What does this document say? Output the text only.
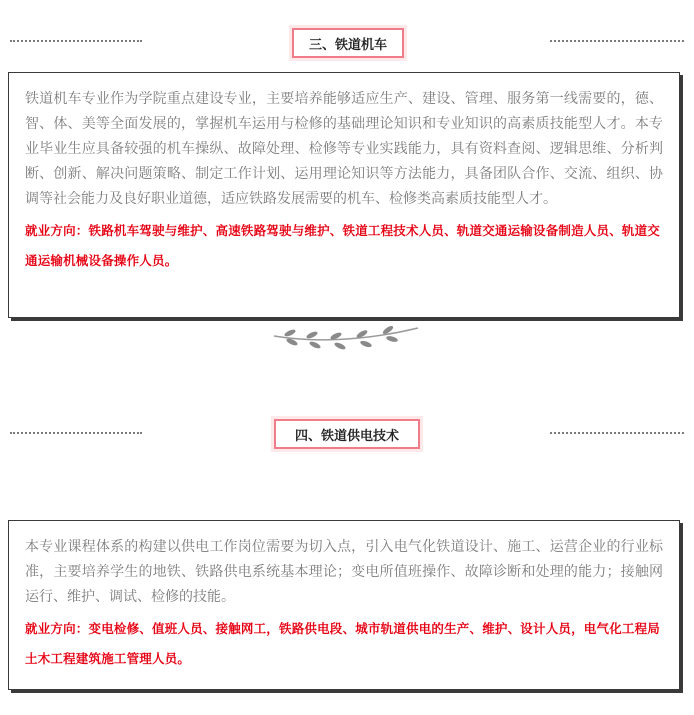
三、铁道机车

铁道机车专业作为学院重点建设专业，主要培养能够适应生产、建设、管理、服务第一线需要的，德、智、体、美等全面发展的，掌握机车运用与检修的基础理论知识和专业知识的高素质技能型人才。本专业毕业生应具备较强的机车操纵、故障处理、检修等专业实践能力，具有资料查阅、逻辑思维、分析判断、创新、解决问题策略、制定工作计划、运用理论知识等方法能力，具备团队合作、交流、组织、协调等社会能力及良好职业道德，适应铁路发展需要的机车、检修类高素质技能型人才。

就业方向：铁路机车驾驶与维护、高速铁路驾驶与维护、铁道工程技术人员、轨道交通运输设备制造人员、轨道交通运输机械设备操作人员。

四、铁道供电技术

本专业课程体系的构建以供电工作岗位需要为切入点，引入电气化铁道设计、施工、运营企业的行业标准，主要培养学生的地铁、铁路供电系统基本理论；变电所值班操作、故障诊断和处理的能力；接触网运行、维护、调试、检修的技能。

就业方向：变电检修、值班人员、接触网工，铁路供电段、城市轨道供电的生产、维护、设计人员，电气化工程局土木工程建筑施工管理人员。
